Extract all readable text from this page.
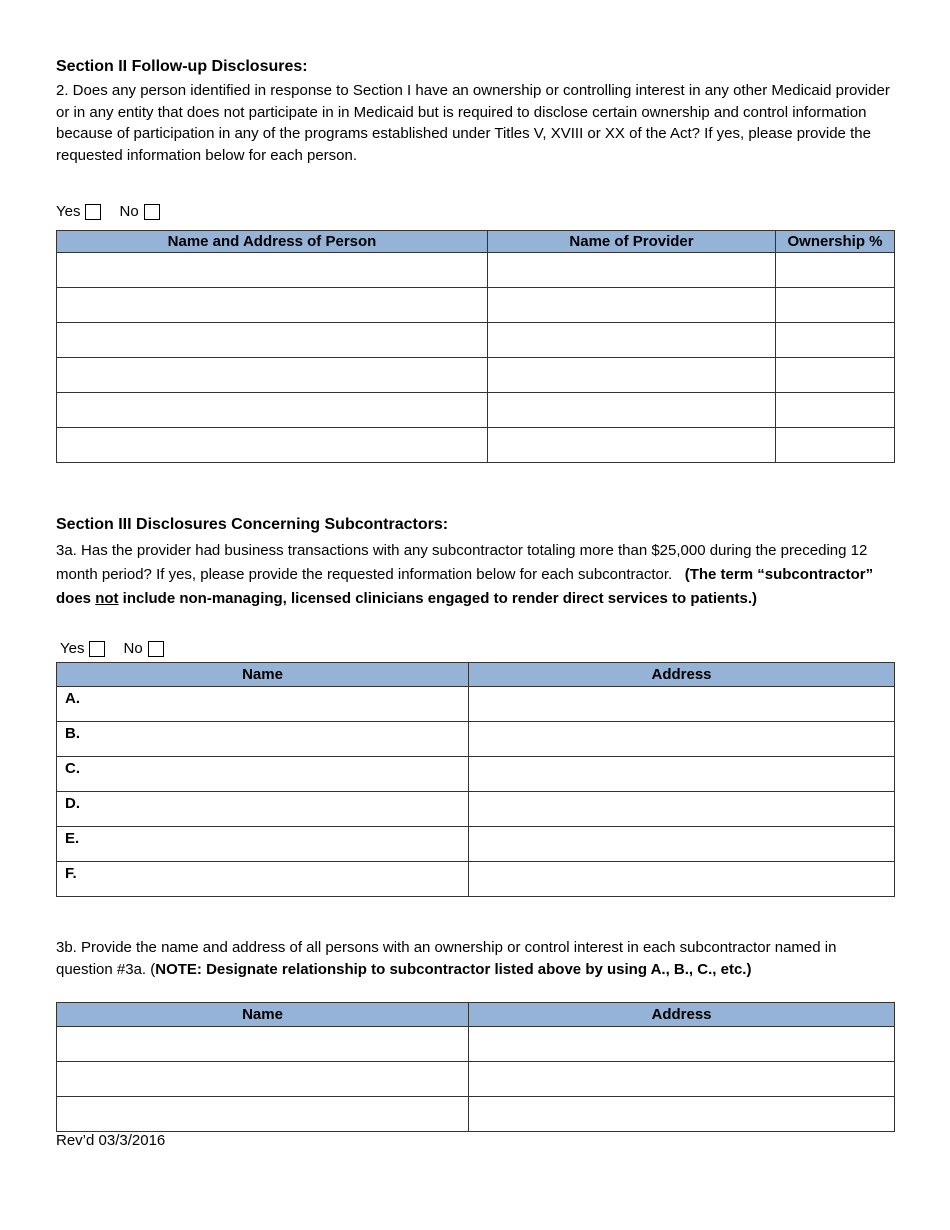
Section II Follow-up Disclosures:
2. Does any person identified in response to Section I have an ownership or controlling interest in any other Medicaid provider or in any entity that does not participate in in Medicaid but is required to disclose certain ownership and control information because of participation in any of the programs established under Titles V, XVIII or XX of the Act? If yes, please provide the requested information below for each person.
Yes	No
Name and Address of Person	Name of Provider	Ownership %

Section III Disclosures Concerning Subcontractors:
3a. Has the provider had business transactions with any subcontractor totaling more than $25,000 during the preceding 12 month period? If yes, please provide the requested information below for each subcontractor. (The term “subcontractor” does not include non-managing, licensed clinicians engaged to render direct services to patients.)
Yes	No
Name	Address
A.	
B.	
C.	
D.	
E.	
F.	
3b. Provide the name and address of all persons with an ownership or control interest in each subcontractor named in question #3a. (NOTE: Designate relationship to subcontractor listed above by using A., B., C., etc.)
Name	Address

Rev’d 03/3/2016
